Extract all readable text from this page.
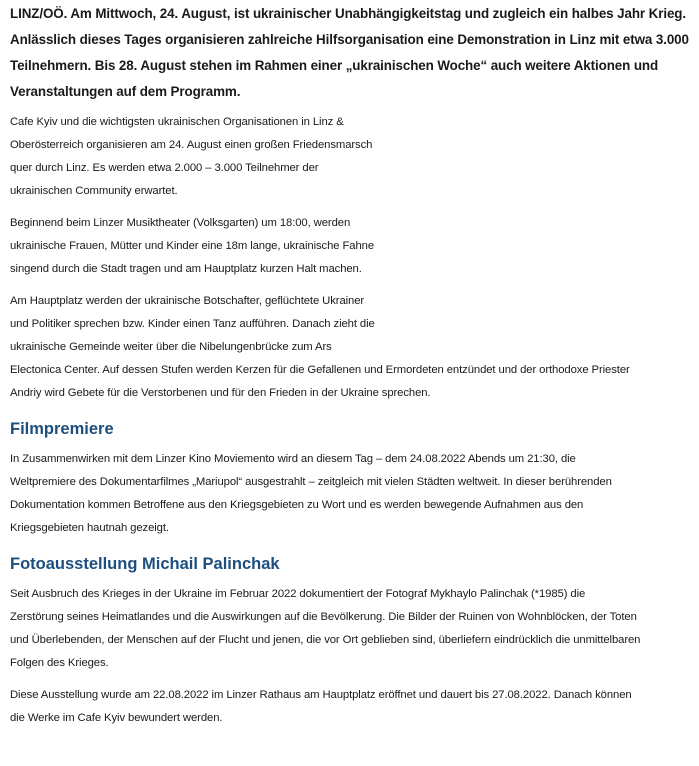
LINZ/OÖ. Am Mittwoch, 24. August, ist ukrainischer Unabhängigkeitstag und zugleich ein halbes Jahr Krieg.
Anlässlich dieses Tages organisieren zahlreiche Hilfsorganisation eine Demonstration in Linz mit etwa 3.000
Teilnehmern. Bis 28. August stehen im Rahmen einer „ukrainischen Woche“ auch weitere Aktionen und
Veranstaltungen auf dem Programm.

Cafe Kyiv und die wichtigsten ukrainischen Organisationen in Linz &
Oberösterreich organisieren am 24. August einen großen Friedensmarsch
quer durch Linz. Es werden etwa 2.000 – 3.000 Teilnehmer der
ukrainischen Community erwartet.

Beginnend beim Linzer Musiktheater (Volksgarten) um 18:00, werden
ukrainische Frauen, Mütter und Kinder eine 18m lange, ukrainische Fahne
singend durch die Stadt tragen und am Hauptplatz kurzen Halt machen.

Am Hauptplatz werden der ukrainische Botschafter, geflüchtete Ukrainer
und Politiker sprechen bzw. Kinder einen Tanz aufführen. Danach zieht die
ukrainische Gemeinde weiter über die Nibelungenbrücke zum Ars
Electonica Center. Auf dessen Stufen werden Kerzen für die Gefallenen und Ermordeten entzündet und der orthodoxe Priester
Andriy wird Gebete für die Verstorbenen und für den Frieden in der Ukraine sprechen.

Filmpremiere

In Zusammenwirken mit dem Linzer Kino Moviemento wird an diesem Tag – dem 24.08.2022 Abends um 21:30, die
Weltpremiere des Dokumentarfilmes „Mariupol“ ausgestrahlt – zeitgleich mit vielen Städten weltweit. In dieser berührenden
Dokumentation kommen Betroffene aus den Kriegsgebieten zu Wort und es werden bewegende Aufnahmen aus den
Kriegsgebieten hautnah gezeigt.

Fotoausstellung Michail Palinchak

Seit Ausbruch des Krieges in der Ukraine im Februar 2022 dokumentiert der Fotograf Mykhaylo Palinchak (*1985) die
Zerstörung seines Heimatlandes und die Auswirkungen auf die Bevölkerung. Die Bilder der Ruinen von Wohnblöcken, der Toten
und Überlebenden, der Menschen auf der Flucht und jenen, die vor Ort geblieben sind, überliefern eindrücklich die unmittelbaren
Folgen des Krieges.

Diese Ausstellung wurde am 22.08.2022 im Linzer Rathaus am Hauptplatz eröffnet und dauert bis 27.08.2022. Danach können
die Werke im Cafe Kyiv bewundert werden.
